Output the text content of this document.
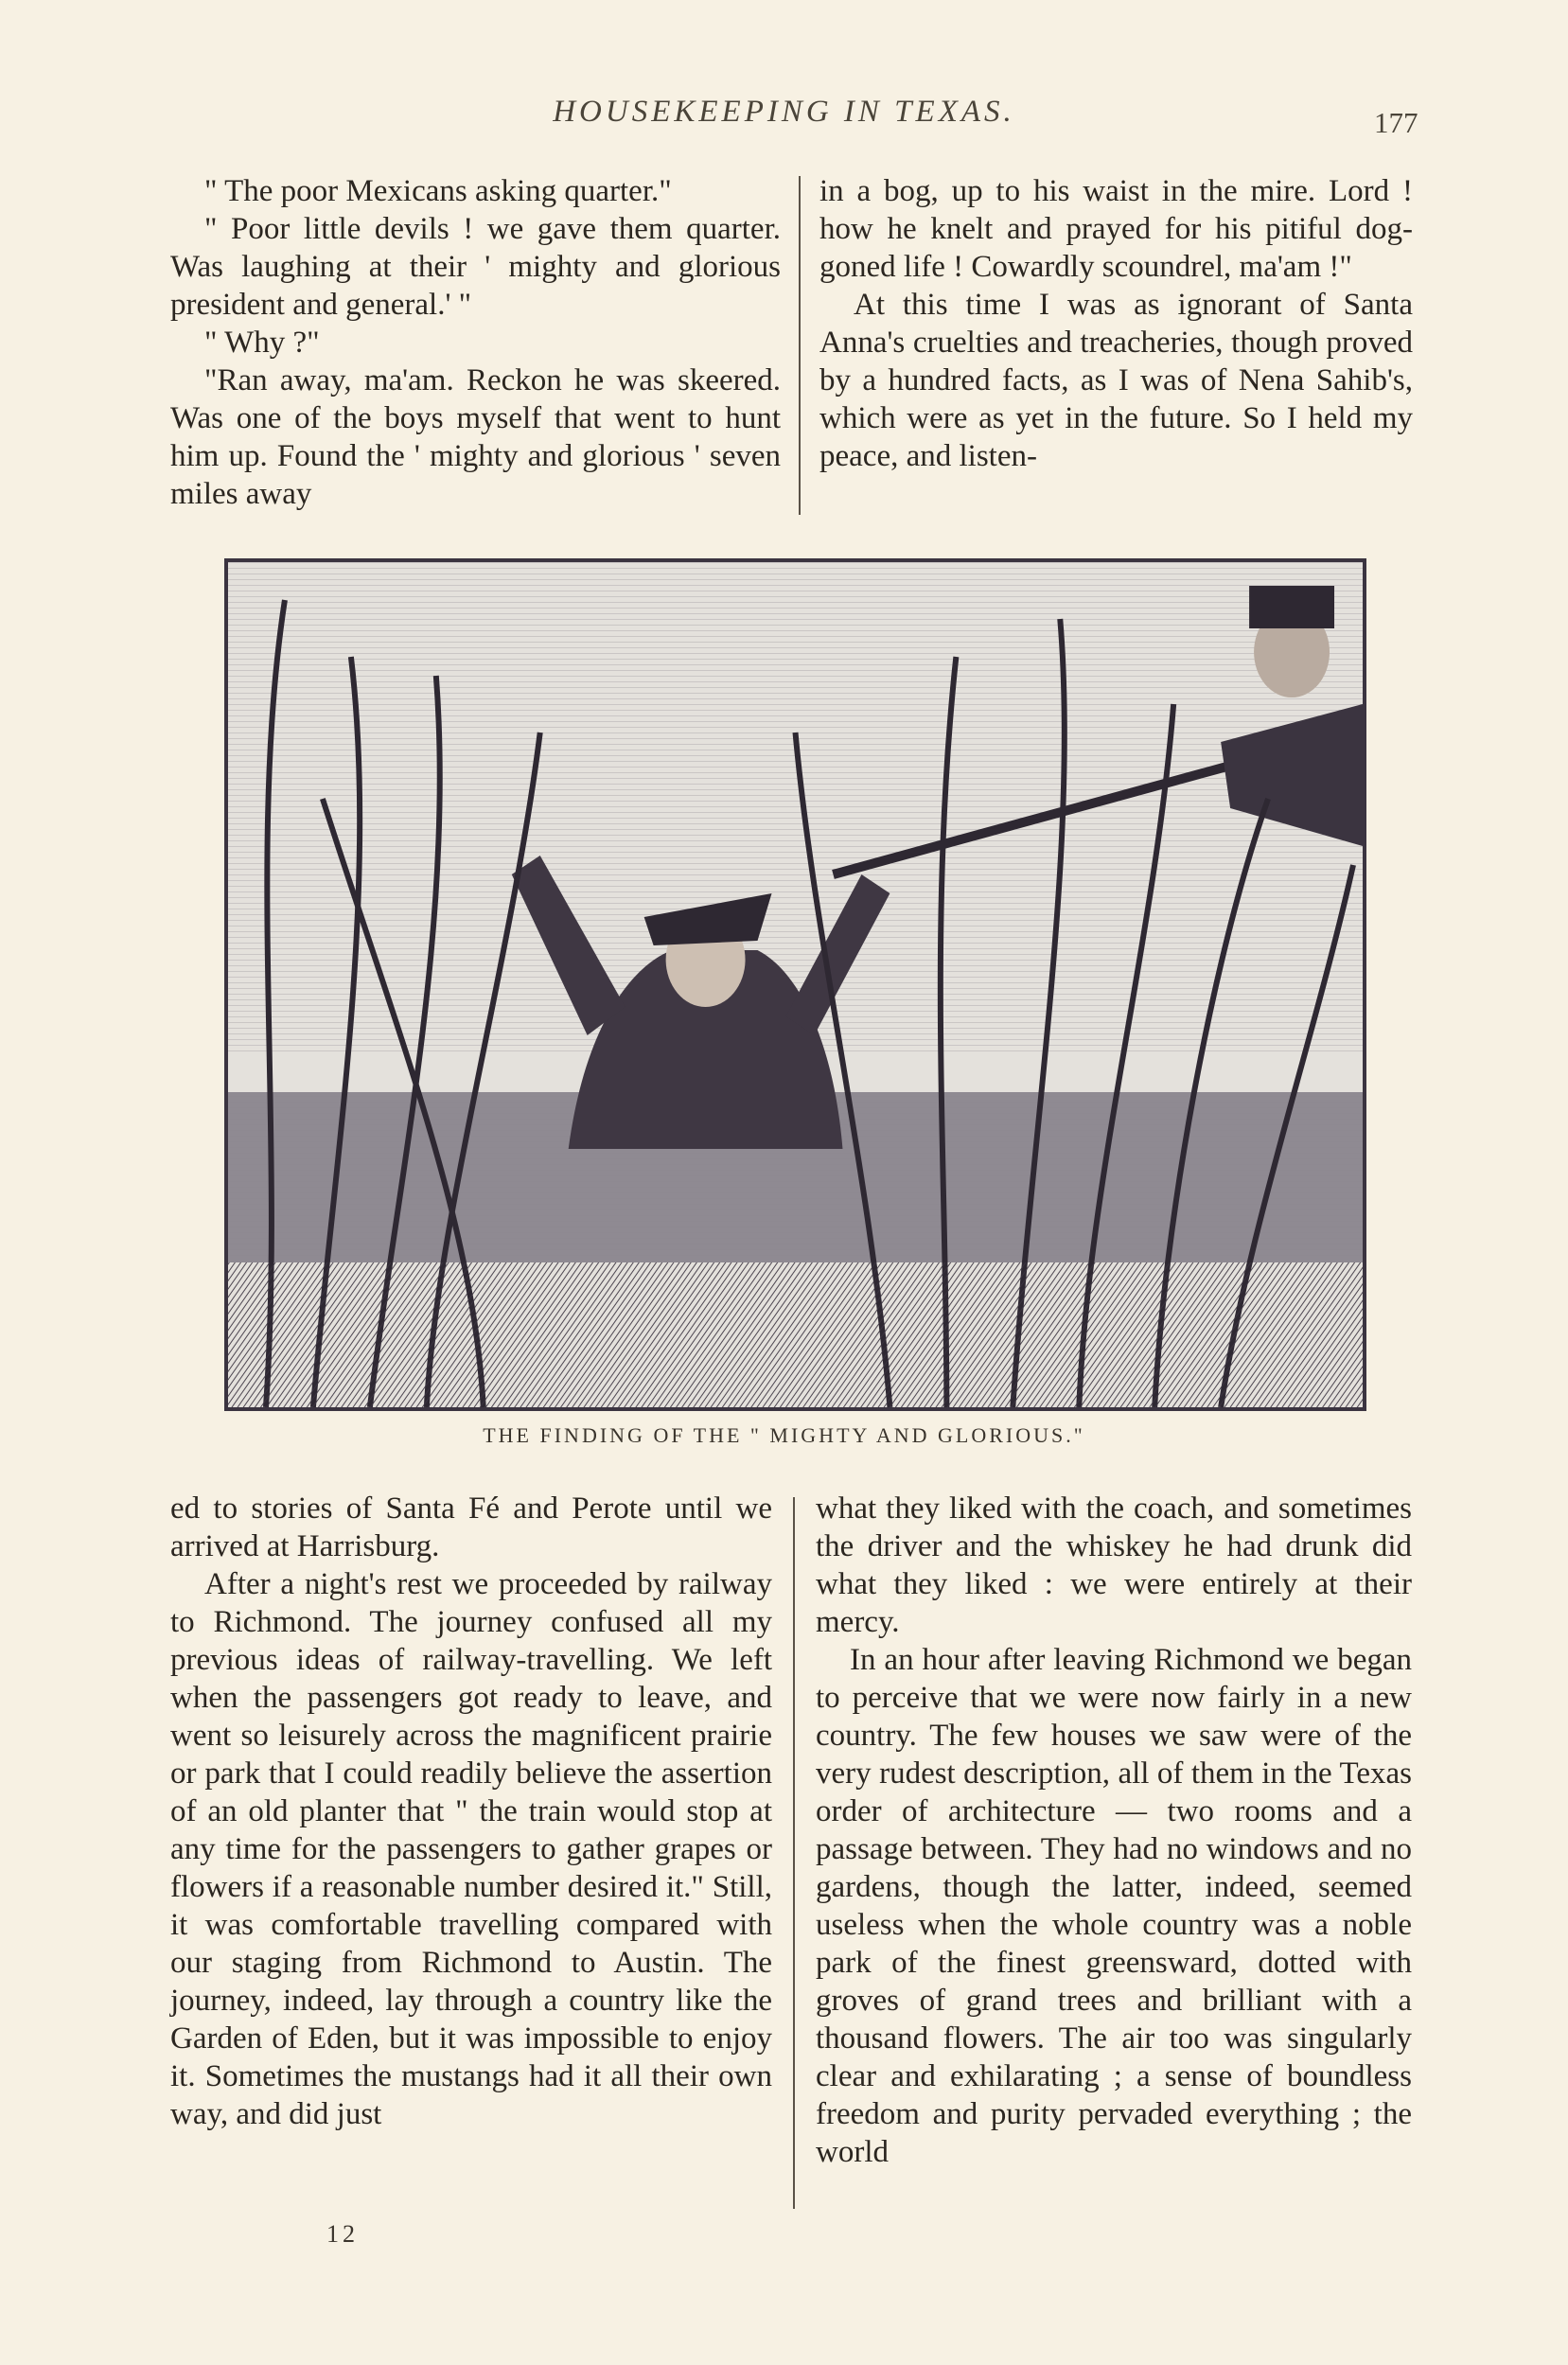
HOUSEKEEPING IN TEXAS.	177

" The poor Mexicans asking quarter."

" Poor little devils ! we gave them quarter. Was laughing at their ' mighty and glorious president and general.' "

" Why ?"

"Ran away, ma'am. Reckon he was skeered. Was one of the boys myself that went to hunt him up. Found the ' mighty and glorious ' seven miles away

in a bog, up to his waist in the mire. Lord ! how he knelt and prayed for his pitiful dog-goned life ! Cowardly scoundrel, ma'am !"

At this time I was as ignorant of Santa Anna's cruelties and treacheries, though proved by a hundred facts, as I was of Nena Sahib's, which were as yet in the future. So I held my peace, and listen-

THE FINDING OF THE " MIGHTY AND GLORIOUS."

ed to stories of Santa Fé and Perote until we arrived at Harrisburg.

After a night's rest we proceeded by railway to Richmond. The journey confused all my previous ideas of railway-travelling. We left when the passengers got ready to leave, and went so leisurely across the magnificent prairie or park that I could readily believe the assertion of an old planter that " the train would stop at any time for the passengers to gather grapes or flowers if a reasonable number desired it." Still, it was comfortable travelling compared with our staging from Richmond to Austin. The journey, indeed, lay through a country like the Garden of Eden, but it was impossible to enjoy it. Sometimes the mustangs had it all their own way, and did just

what they liked with the coach, and sometimes the driver and the whiskey he had drunk did what they liked : we were entirely at their mercy.

In an hour after leaving Richmond we began to perceive that we were now fairly in a new country. The few houses we saw were of the very rudest description, all of them in the Texas order of architecture — two rooms and a passage between. They had no windows and no gardens, though the latter, indeed, seemed useless when the whole country was a noble park of the finest greensward, dotted with groves of grand trees and brilliant with a thousand flowers. The air too was singularly clear and exhilarating ; a sense of boundless freedom and purity pervaded everything ; the world

12
